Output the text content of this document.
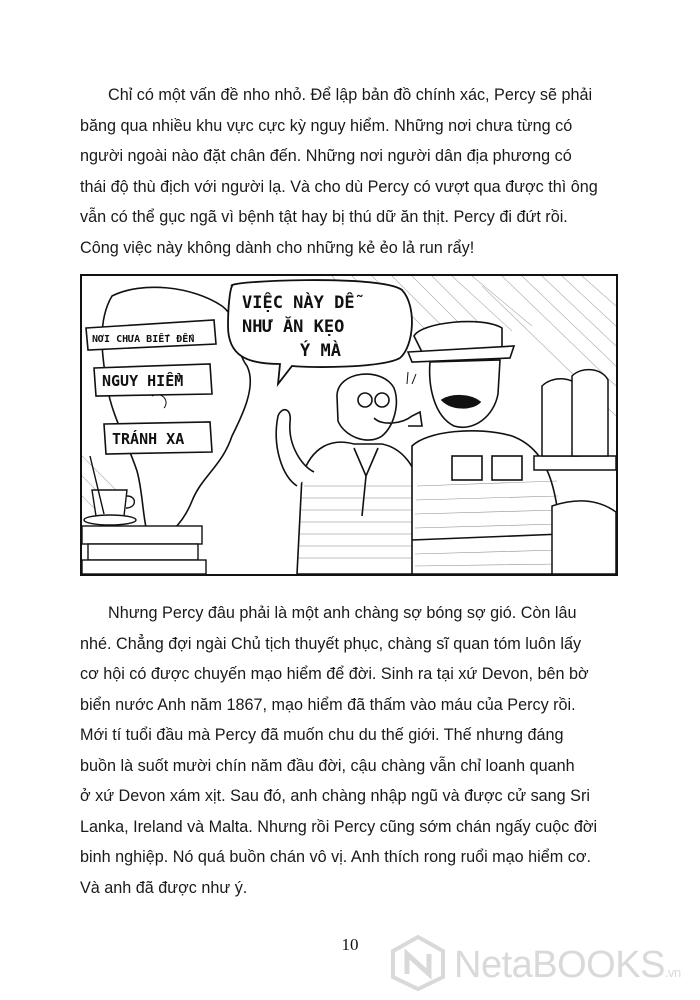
Chỉ có một vấn đề nho nhỏ. Để lập bản đồ chính xác, Percy sẽ phải
băng qua nhiều khu vực cực kỳ nguy hiểm. Những nơi chưa từng có
người ngoài nào đặt chân đến. Những nơi người dân địa phương có
thái độ thù địch với người lạ. Và cho dù Percy có vượt qua được thì ông
vẫn có thể gục ngã vì bệnh tật hay bị thú dữ ăn thịt. Percy đi đứt rồi.
Công việc này không dành cho những kẻ ẻo lả run rẩy!
NƠI CHƯA BIẾT ĐẾN
NGUY HIỂM
TRÁNH XA
VIỆC NÀY DỄ
NHƯ ĂN KẸO
Ý MÀ
Nhưng Percy đâu phải là một anh chàng sợ bóng sợ gió. Còn lâu
nhé. Chẳng đợi ngài Chủ tịch thuyết phục, chàng sĩ quan tóm luôn lấy
cơ hội có được chuyến mạo hiểm để đời. Sinh ra tại xứ Devon, bên bờ
biển nước Anh năm 1867, mạo hiểm đã thấm vào máu của Percy rồi.
Mới tí tuổi đầu mà Percy đã muốn chu du thế giới. Thế nhưng đáng
buồn là suốt mười chín năm đầu đời, cậu chàng vẫn chỉ loanh quanh
ở xứ Devon xám xịt. Sau đó, anh chàng nhập ngũ và được cử sang Sri
Lanka, Ireland và Malta. Nhưng rồi Percy cũng sớm chán ngấy cuộc đời
binh nghiệp. Nó quá buồn chán vô vị. Anh thích rong ruổi mạo hiểm cơ.
Và anh đã được như ý.
10	NetaBOOKS.vn
